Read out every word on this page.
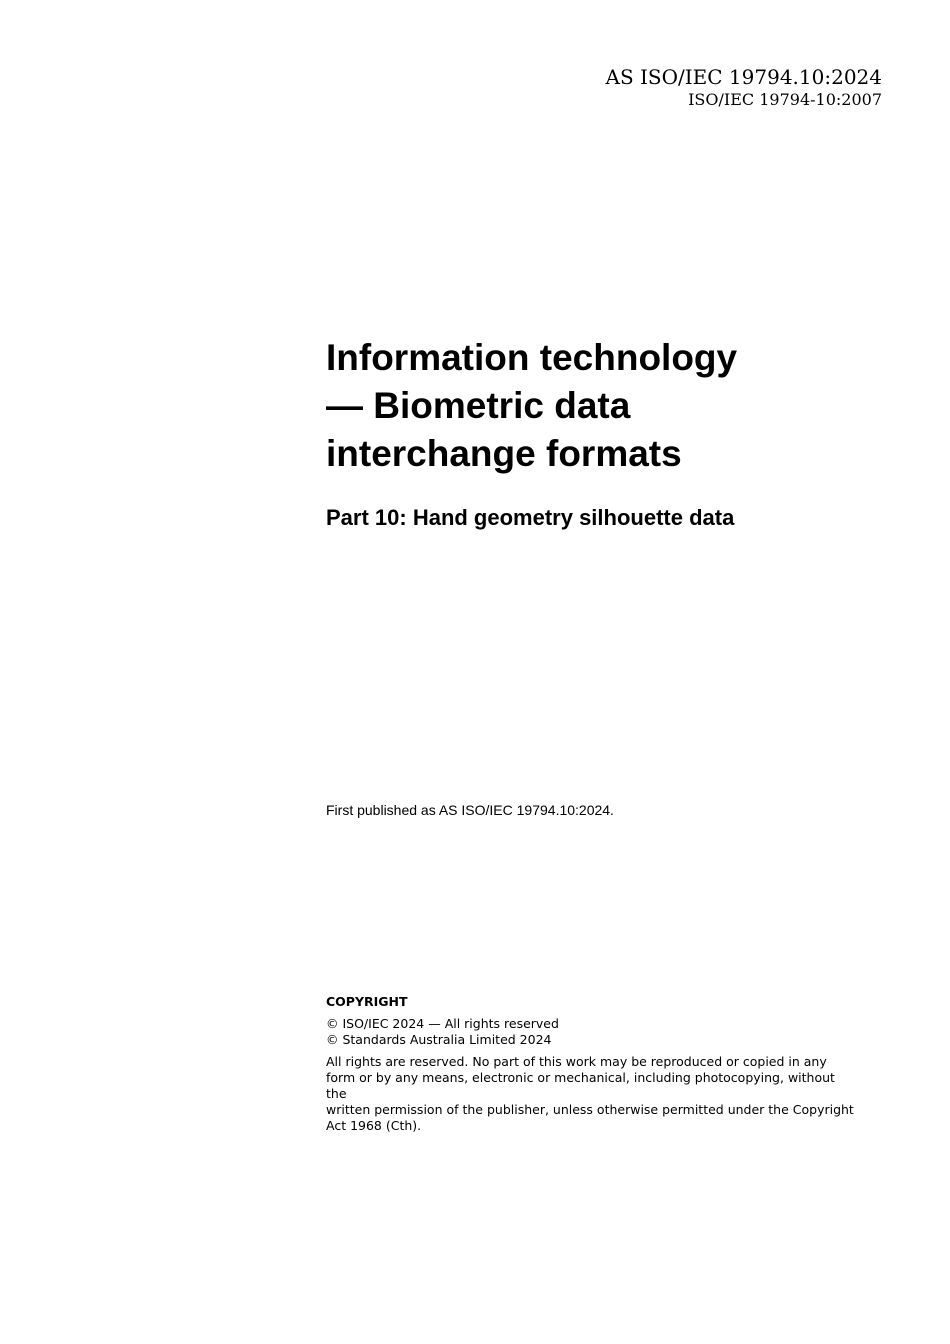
AS ISO/IEC 19794.10:2024
ISO/IEC 19794-10:2007
Information technology
— Biometric data
interchange formats
Part 10: Hand geometry silhouette data
First published as AS ISO/IEC 19794.10:2024.
COPYRIGHT
© ISO/IEC 2024 — All rights reserved
© Standards Australia Limited 2024
All rights are reserved. No part of this work may be reproduced or copied in any
form or by any means, electronic or mechanical, including photocopying, without the
written permission of the publisher, unless otherwise permitted under the Copyright
Act 1968 (Cth).
